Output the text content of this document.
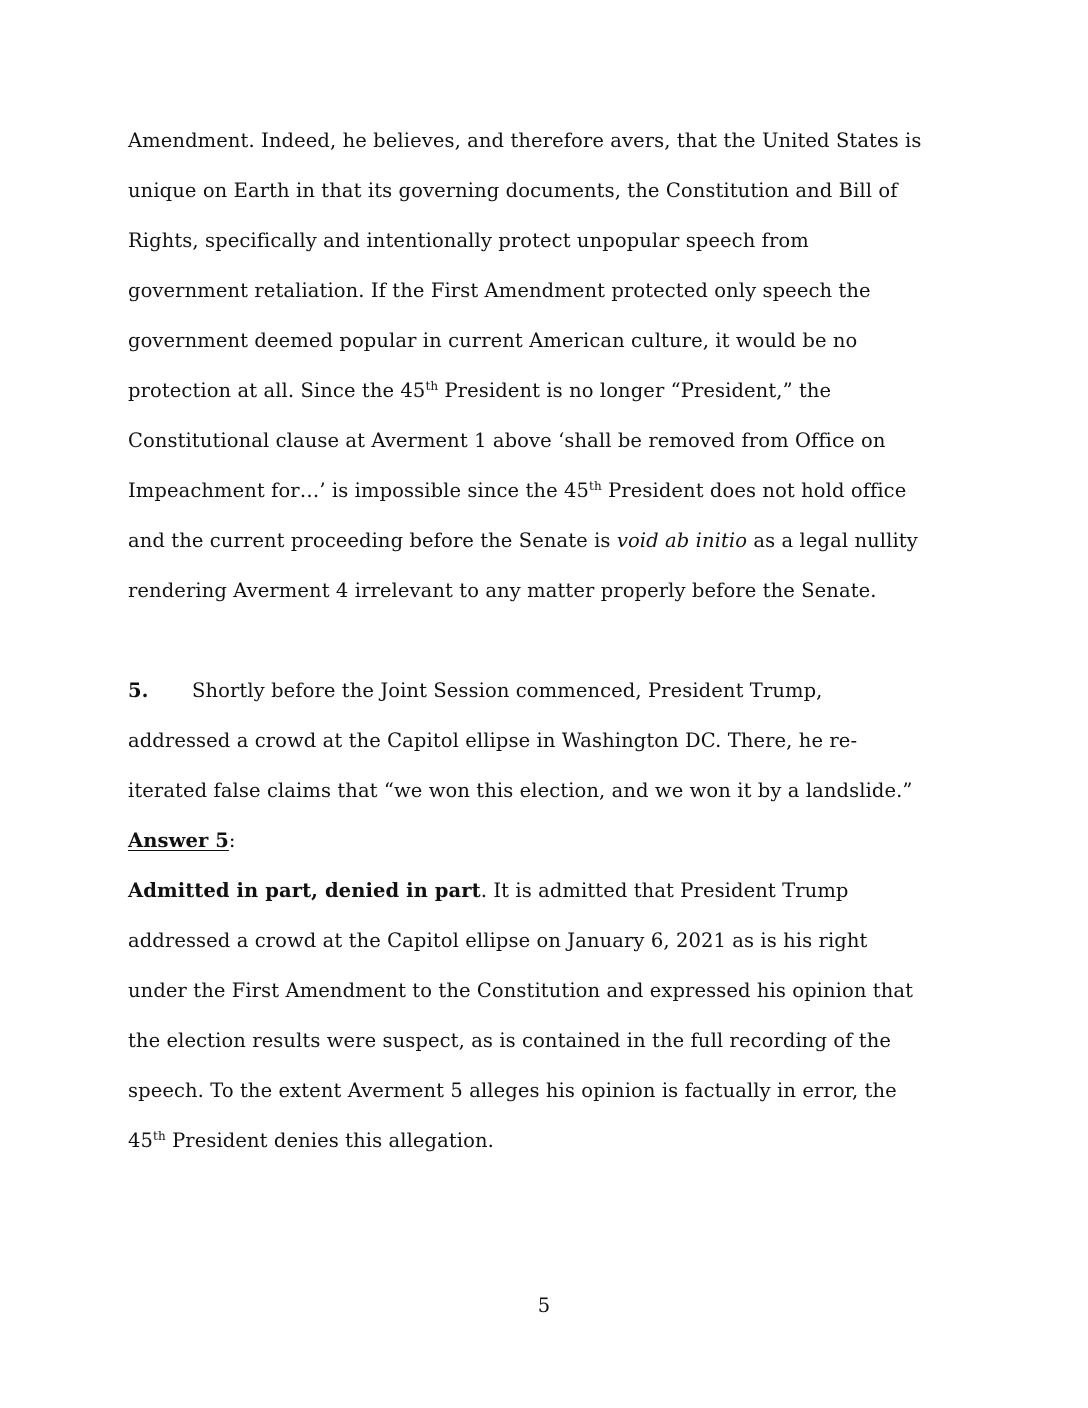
Amendment. Indeed, he believes, and therefore avers, that the United States is
unique on Earth in that its governing documents, the Constitution and Bill of
Rights, specifically and intentionally protect unpopular speech from
government retaliation. If the First Amendment protected only speech the
government deemed popular in current American culture, it would be no
protection at all. Since the 45th President is no longer “President,” the
Constitutional clause at Averment 1 above ‘shall be removed from Office on
Impeachment for…’ is impossible since the 45th President does not hold office
and the current proceeding before the Senate is void ab initio as a legal nullity
rendering Averment 4 irrelevant to any matter properly before the Senate.
5. Shortly before the Joint Session commenced, President Trump,
addressed a crowd at the Capitol ellipse in Washington DC. There, he re-
iterated false claims that “we won this election, and we won it by a landslide.”
Answer 5:
Admitted in part, denied in part. It is admitted that President Trump
addressed a crowd at the Capitol ellipse on January 6, 2021 as is his right
under the First Amendment to the Constitution and expressed his opinion that
the election results were suspect, as is contained in the full recording of the
speech. To the extent Averment 5 alleges his opinion is factually in error, the
45th President denies this allegation.
5
